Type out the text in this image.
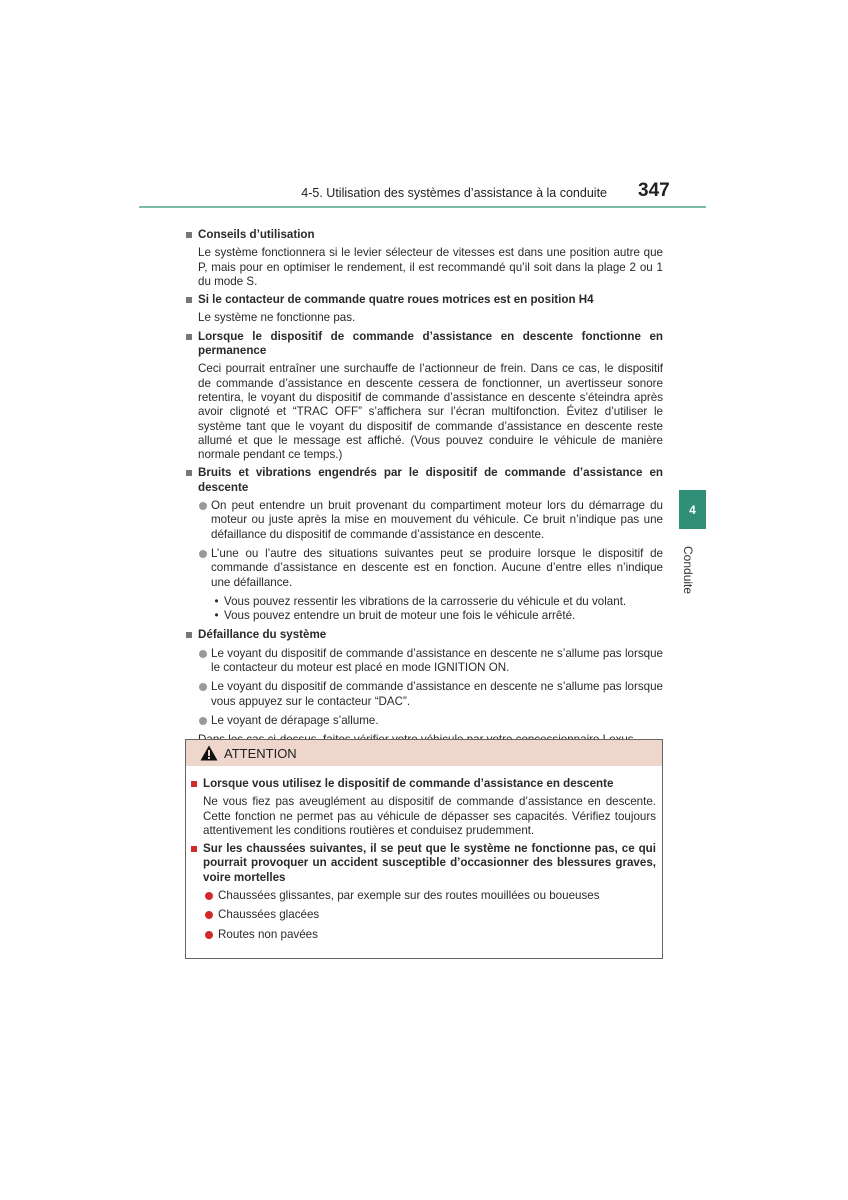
4-5. Utilisation des systèmes d’assistance à la conduite 347
4
Conduite
Conseils d’utilisation
Le système fonctionnera si le levier sélecteur de vitesses est dans une position autre que P, mais pour en optimiser le rendement, il est recommandé qu’il soit dans la plage 2 ou 1 du mode S.
Si le contacteur de commande quatre roues motrices est en position H4
Le système ne fonctionne pas.
Lorsque le dispositif de commande d’assistance en descente fonctionne en permanence
Ceci pourrait entraîner une surchauffe de l’actionneur de frein. Dans ce cas, le dispositif de commande d’assistance en descente cessera de fonctionner, un avertisseur sonore retentira, le voyant du dispositif de commande d’assistance en descente s’éteindra après avoir clignoté et “TRAC OFF” s’affichera sur l’écran multifonction. Évitez d’utiliser le système tant que le voyant du dispositif de commande d’assistance en descente reste allumé et que le message est affiché. (Vous pouvez conduire le véhicule de manière normale pendant ce temps.)
Bruits et vibrations engendrés par le dispositif de commande d’assistance en descente
On peut entendre un bruit provenant du compartiment moteur lors du démarrage du moteur ou juste après la mise en mouvement du véhicule. Ce bruit n’indique pas une défaillance du dispositif de commande d’assistance en descente.
L’une ou l’autre des situations suivantes peut se produire lorsque le dispositif de commande d’assistance en descente est en fonction. Aucune d’entre elles n’indique une défaillance.
• Vous pouvez ressentir les vibrations de la carrosserie du véhicule et du volant.
• Vous pouvez entendre un bruit de moteur une fois le véhicule arrêté.
Défaillance du système
Le voyant du dispositif de commande d’assistance en descente ne s’allume pas lorsque le contacteur du moteur est placé en mode IGNITION ON.
Le voyant du dispositif de commande d’assistance en descente ne s’allume pas lorsque vous appuyez sur le contacteur “DAC”.
Le voyant de dérapage s’allume.
ATTENTION
Lorsque vous utilisez le dispositif de commande d’assistance en descente
Ne vous fiez pas aveuglément au dispositif de commande d’assistance en descente. Cette fonction ne permet pas au véhicule de dépasser ses capacités. Vérifiez toujours attentivement les conditions routières et conduisez prudemment.
Sur les chaussées suivantes, il se peut que le système ne fonctionne pas, ce qui pourrait provoquer un accident susceptible d’occasionner des blessures graves, voire mortelles
Chaussées glissantes, par exemple sur des routes mouillées ou boueuses
Chaussées glacées
Routes non pavées
